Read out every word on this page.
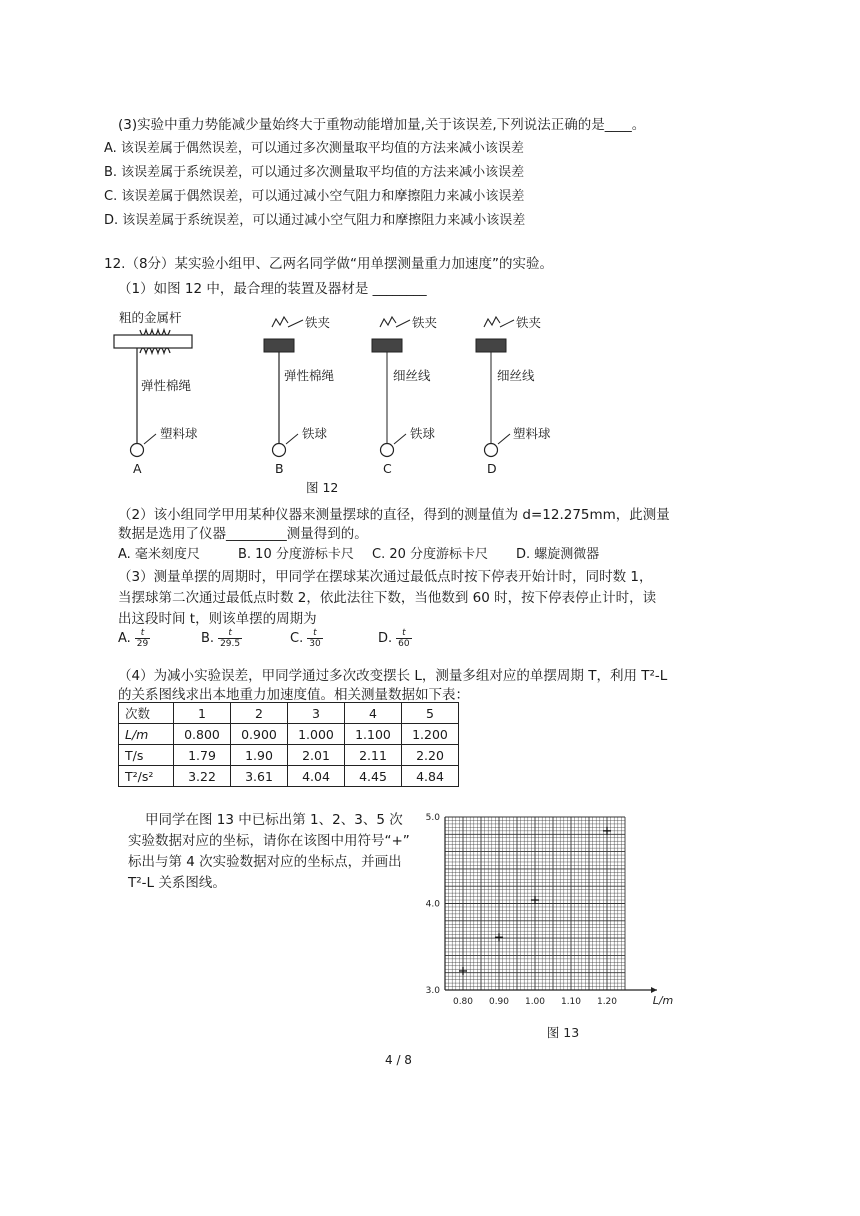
(3)实验中重力势能减少量始终大于重物动能增加量,关于该误差,下列说法正确的是____。
A. 该误差属于偶然误差，可以通过多次测量取平均值的方法来减小该误差
B. 该误差属于系统误差，可以通过多次测量取平均值的方法来减小该误差
C. 该误差属于偶然误差，可以通过减小空气阻力和摩擦阻力来减小该误差
D. 该误差属于系统误差，可以通过减小空气阻力和摩擦阻力来减小该误差
12.（8分）某实验小组甲、乙两名同学做“用单摆测量重力加速度”的实验。
（1）如图 12 中，最合理的装置及器材是 ________
粗的金属杆	铁夹	铁夹	铁夹
弹性棉绳
弹性棉绳	细丝线	细丝线
塑料球	铁球	铁球	塑料球
A	B	C	D
图 12
（2）该小组同学甲用某种仪器来测量摆球的直径，得到的测量值为 d=12.275mm，此测量
数据是选用了仪器_________测量得到的。
A. 毫米刻度尺	B. 10 分度游标卡尺 C. 20 分度游标卡尺 D. 螺旋测微器
（3）测量单摆的周期时，甲同学在摆球某次通过最低点时按下停表开始计时，同时数 1，
当摆球第二次通过最低点时数 2，依此法往下数，当他数到 60 时，按下停表停止计时，读
出这段时间 t，则该单摆的周期为
A. $\frac{t}{29}$	B. $\frac{t}{29.5}$	C. $\frac{t}{30}$	D. $\frac{t}{60}$
（4）为减小实验误差，甲同学通过多次改变摆长 L，测量多组对应的单摆周期 T，利用 T²-L
的关系图线求出本地重力加速度值。相关测量数据如下表：
次数	1	2	3	4	5
L/m	0.800	0.900	1.000	1.100	1.200
T/s	1.79	1.90	2.01	2.11	2.20
T²/s²	3.22	3.61	4.04	4.45	4.84
甲同学在图 13 中已标出第 1、2、3、5 次
实验数据对应的坐标，请你在该图中用符号“+”
标出与第 4 次实验数据对应的坐标点，并画出
T²-L 关系图线。
0.80 0.90 1.00 1.10 1.20
3.0
4.0
5.0
L/m
图 13
4 / 8
